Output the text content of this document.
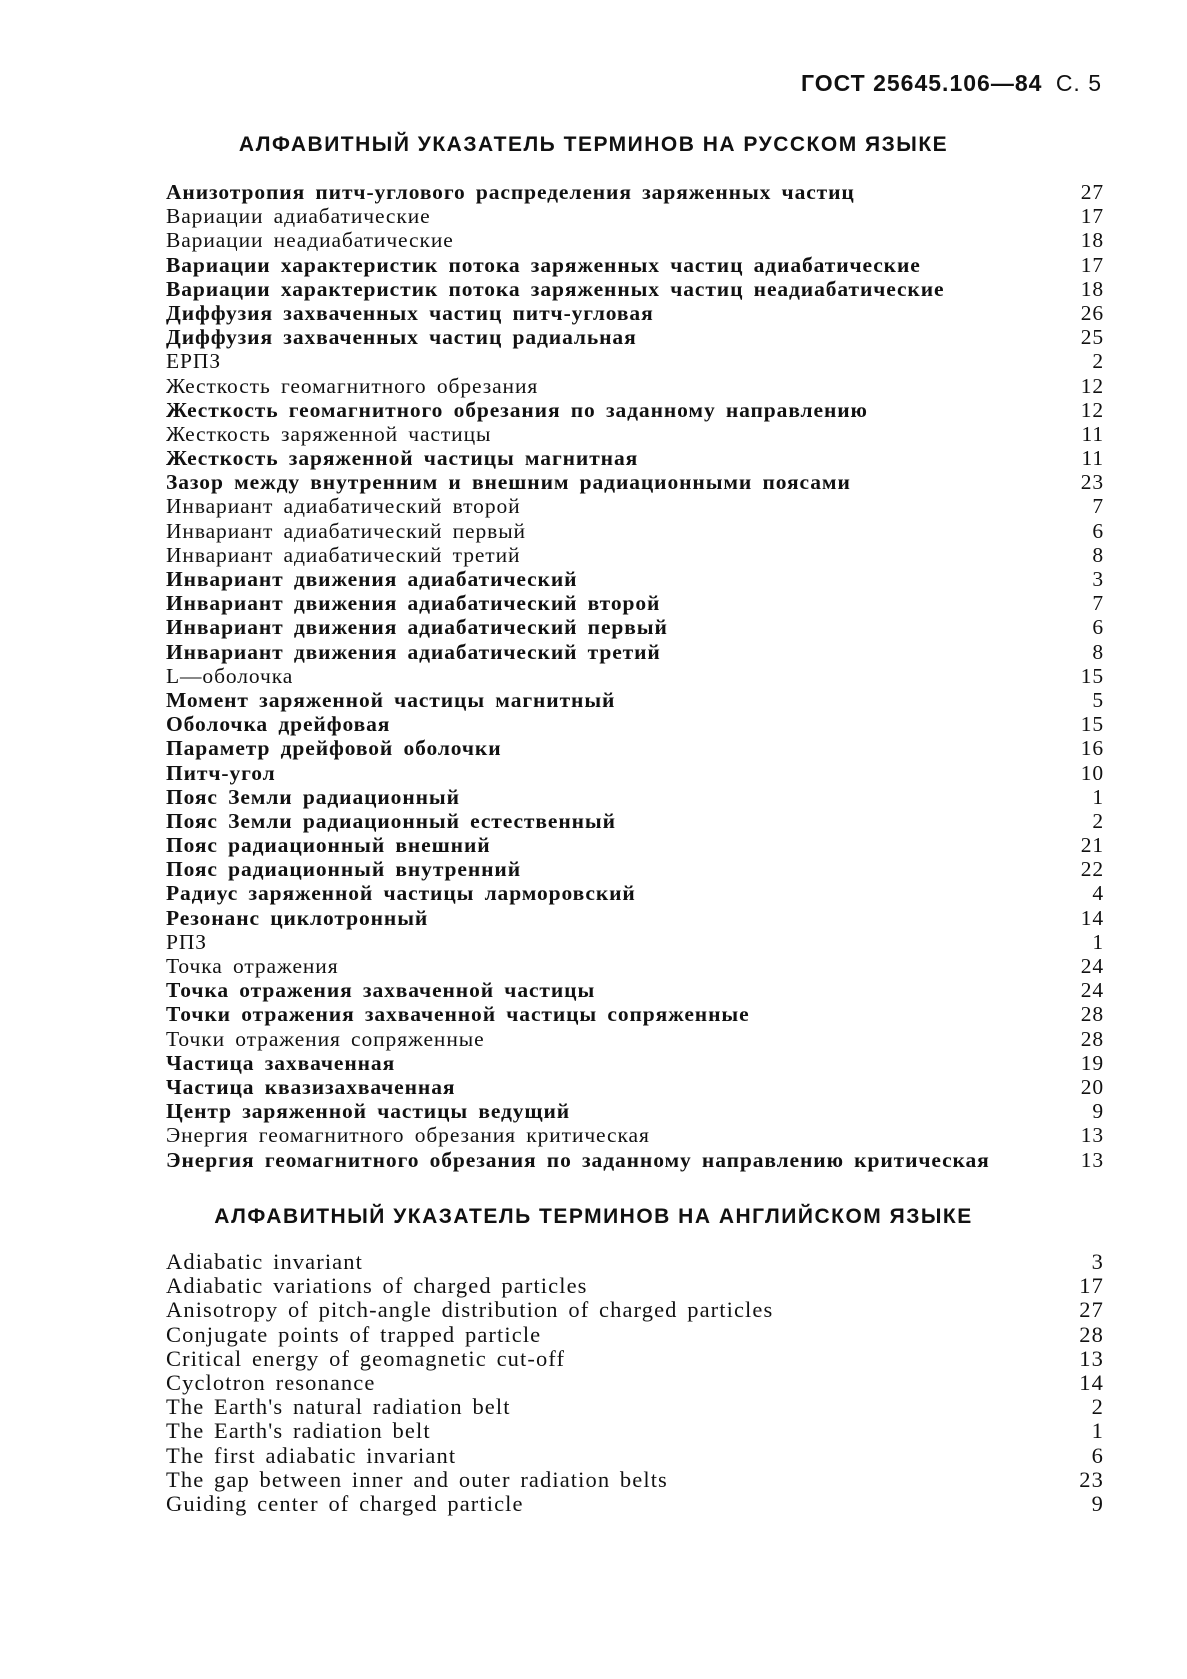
ГОСТ 25645.106—84 С. 5
АЛФАВИТНЫЙ УКАЗАТЕЛЬ ТЕРМИНОВ НА РУССКОМ ЯЗЫКЕ
Анизотропия питч-углового распределения заряженных частиц	27
Вариации адиабатические	17
Вариации неадиабатические	18
Вариации характеристик потока заряженных частиц адиабатические	17
Вариации характеристик потока заряженных частиц неадиабатические	18
Диффузия захваченных частиц питч-угловая	26
Диффузия захваченных частиц радиальная	25
ЕРПЗ	2
Жесткость геомагнитного обрезания	12
Жесткость геомагнитного обрезания по заданному направлению	12
Жесткость заряженной частицы	11
Жесткость заряженной частицы магнитная	11
Зазор между внутренним и внешним радиационными поясами	23
Инвариант адиабатический второй	7
Инвариант адиабатический первый	6
Инвариант адиабатический третий	8
Инвариант движения адиабатический	3
Инвариант движения адиабатический второй	7
Инвариант движения адиабатический первый	6
Инвариант движения адиабатический третий	8
L—оболочка	15
Момент заряженной частицы магнитный	5
Оболочка дрейфовая	15
Параметр дрейфовой оболочки	16
Питч-угол	10
Пояс Земли радиационный	1
Пояс Земли радиационный естественный	2
Пояс радиационный внешний	21
Пояс радиационный внутренний	22
Радиус заряженной частицы ларморовский	4
Резонанс циклотронный	14
РПЗ	1
Точка отражения	24
Точка отражения захваченной частицы	24
Точки отражения захваченной частицы сопряженные	28
Точки отражения сопряженные	28
Частица захваченная	19
Частица квазизахваченная	20
Центр заряженной частицы ведущий	9
Энергия геомагнитного обрезания критическая	13
Энергия геомагнитного обрезания по заданному направлению критическая	13
АЛФАВИТНЫЙ УКАЗАТЕЛЬ ТЕРМИНОВ НА АНГЛИЙСКОМ ЯЗЫКЕ
Adiabatic invariant	3
Adiabatic variations of charged particles	17
Anisotropy of pitch-angle distribution of charged particles	27
Conjugate points of trapped particle	28
Critical energy of geomagnetic cut-off	13
Cyclotron resonance	14
The Earth's natural radiation belt	2
The Earth's radiation belt	1
The first adiabatic invariant	6
The gap between inner and outer radiation belts	23
Guiding center of charged particle	9
